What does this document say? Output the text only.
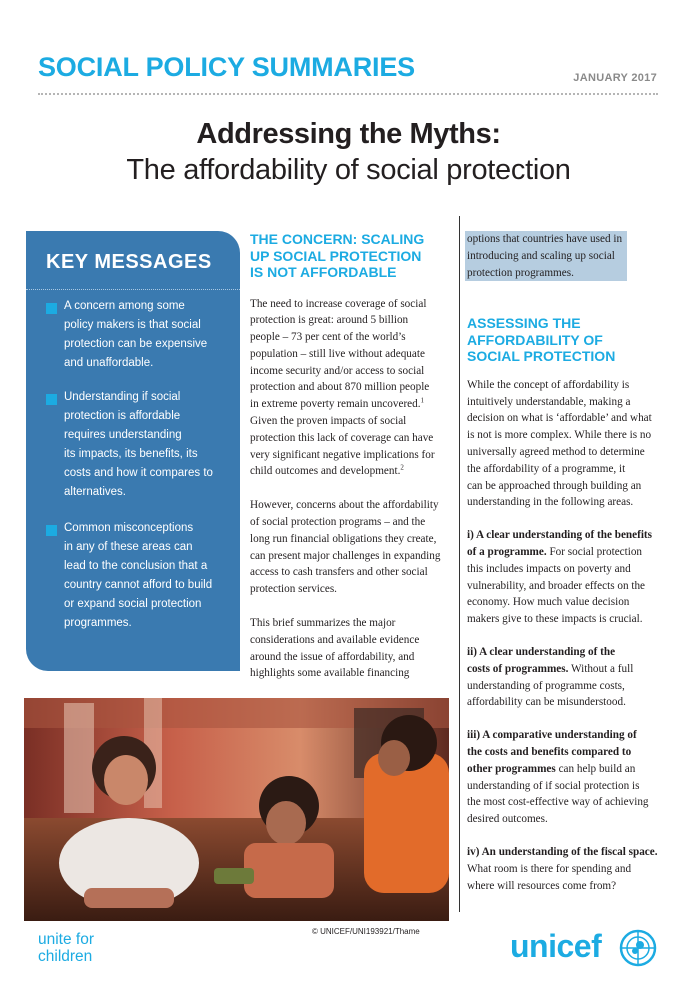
SOCIAL POLICY SUMMARIES	JANUARY 2017
Addressing the Myths:
The affordability of social protection
KEY MESSAGES
A concern among some
policy makers is that social
protection can be expensive
and unaffordable.
Understanding if social
protection is affordable
requires understanding
its impacts, its benefits, its
costs and how it compares to
alternatives.
Common misconceptions
in any of these areas can
lead to the conclusion that a
country cannot afford to build
or expand social protection
programmes.
THE CONCERN: SCALING
UP SOCIAL PROTECTION
IS NOT AFFORDABLE
The need to increase coverage of social
protection is great: around 5 billion
people – 73 per cent of the world’s
population – still live without adequate
income security and/or access to social
protection and about 870 million people
in extreme poverty remain uncovered.$^1$
Given the proven impacts of social
protection this lack of coverage can have
very significant negative implications for
child outcomes and development.$^2$
However, concerns about the affordability
of social protection programs – and the
long run financial obligations they create,
can present major challenges in expanding
access to cash transfers and other social
protection services.
This brief summarizes the major
considerations and available evidence
around the issue of affordability, and
highlights some available financing
options that countries have used in
introducing and scaling up social
protection programmes.
ASSESSING THE
AFFORDABILITY OF
SOCIAL PROTECTION
While the concept of affordability is
intuitively understandable, making a
decision on what is ‘affordable’ and what
is not is more complex. While there is no
universally agreed method to determine
the affordability of a programme, it
can be approached through building an
understanding in the following areas.
i) A clear understanding of the benefits
of a programme. For social protection
this includes impacts on poverty and
vulnerability, and broader effects on the
economy. How much value decision
makers give to these impacts is crucial.
ii) A clear understanding of the
costs of programmes. Without a full
understanding of programme costs,
affordability can be misunderstood.
iii) A comparative understanding of
the costs and benefits compared to
other programmes can help build an
understanding of if social protection is
the most cost-effective way of achieving
desired outcomes.
iv) An understanding of the fiscal space.
What room is there for spending and
where will resources come from?
© UNICEF/UNI193921/Thame
unite for
children	unicef
